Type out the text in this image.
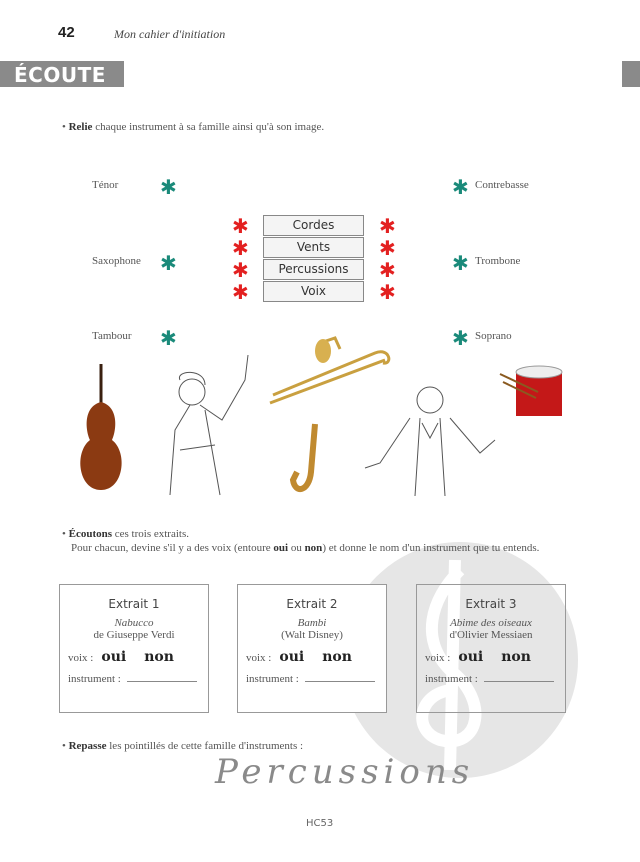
42	Mon cahier d'initiation
ÉCOUTE 7
• Relie chaque instrument à sa famille ainsi qu'à son image.
Ténor
Saxophone
Tambour
Contrebasse
Trombone
Soprano
✱
✱
✱
✱
✱
✱
Cordes
Vents
Percussions
Voix
✱
✱
✱
✱
✱
✱
✱
✱
• Écoutons ces trois extraits.
Pour chacun, devine s'il y a des voix (entoure oui ou non) et donne le nom d'un instrument que tu entends.
Extrait 1
Nabucco
de Giuseppe Verdi
voix : oui non
instrument :
Extrait 2
Bambi
(Walt Disney)
voix : oui non
instrument :
Extrait 3
Abime des oiseaux
d'Olivier Messiaen
voix : oui non
instrument :
• Repasse les pointillés de cette famille d'instruments :
Percussions
HC53
